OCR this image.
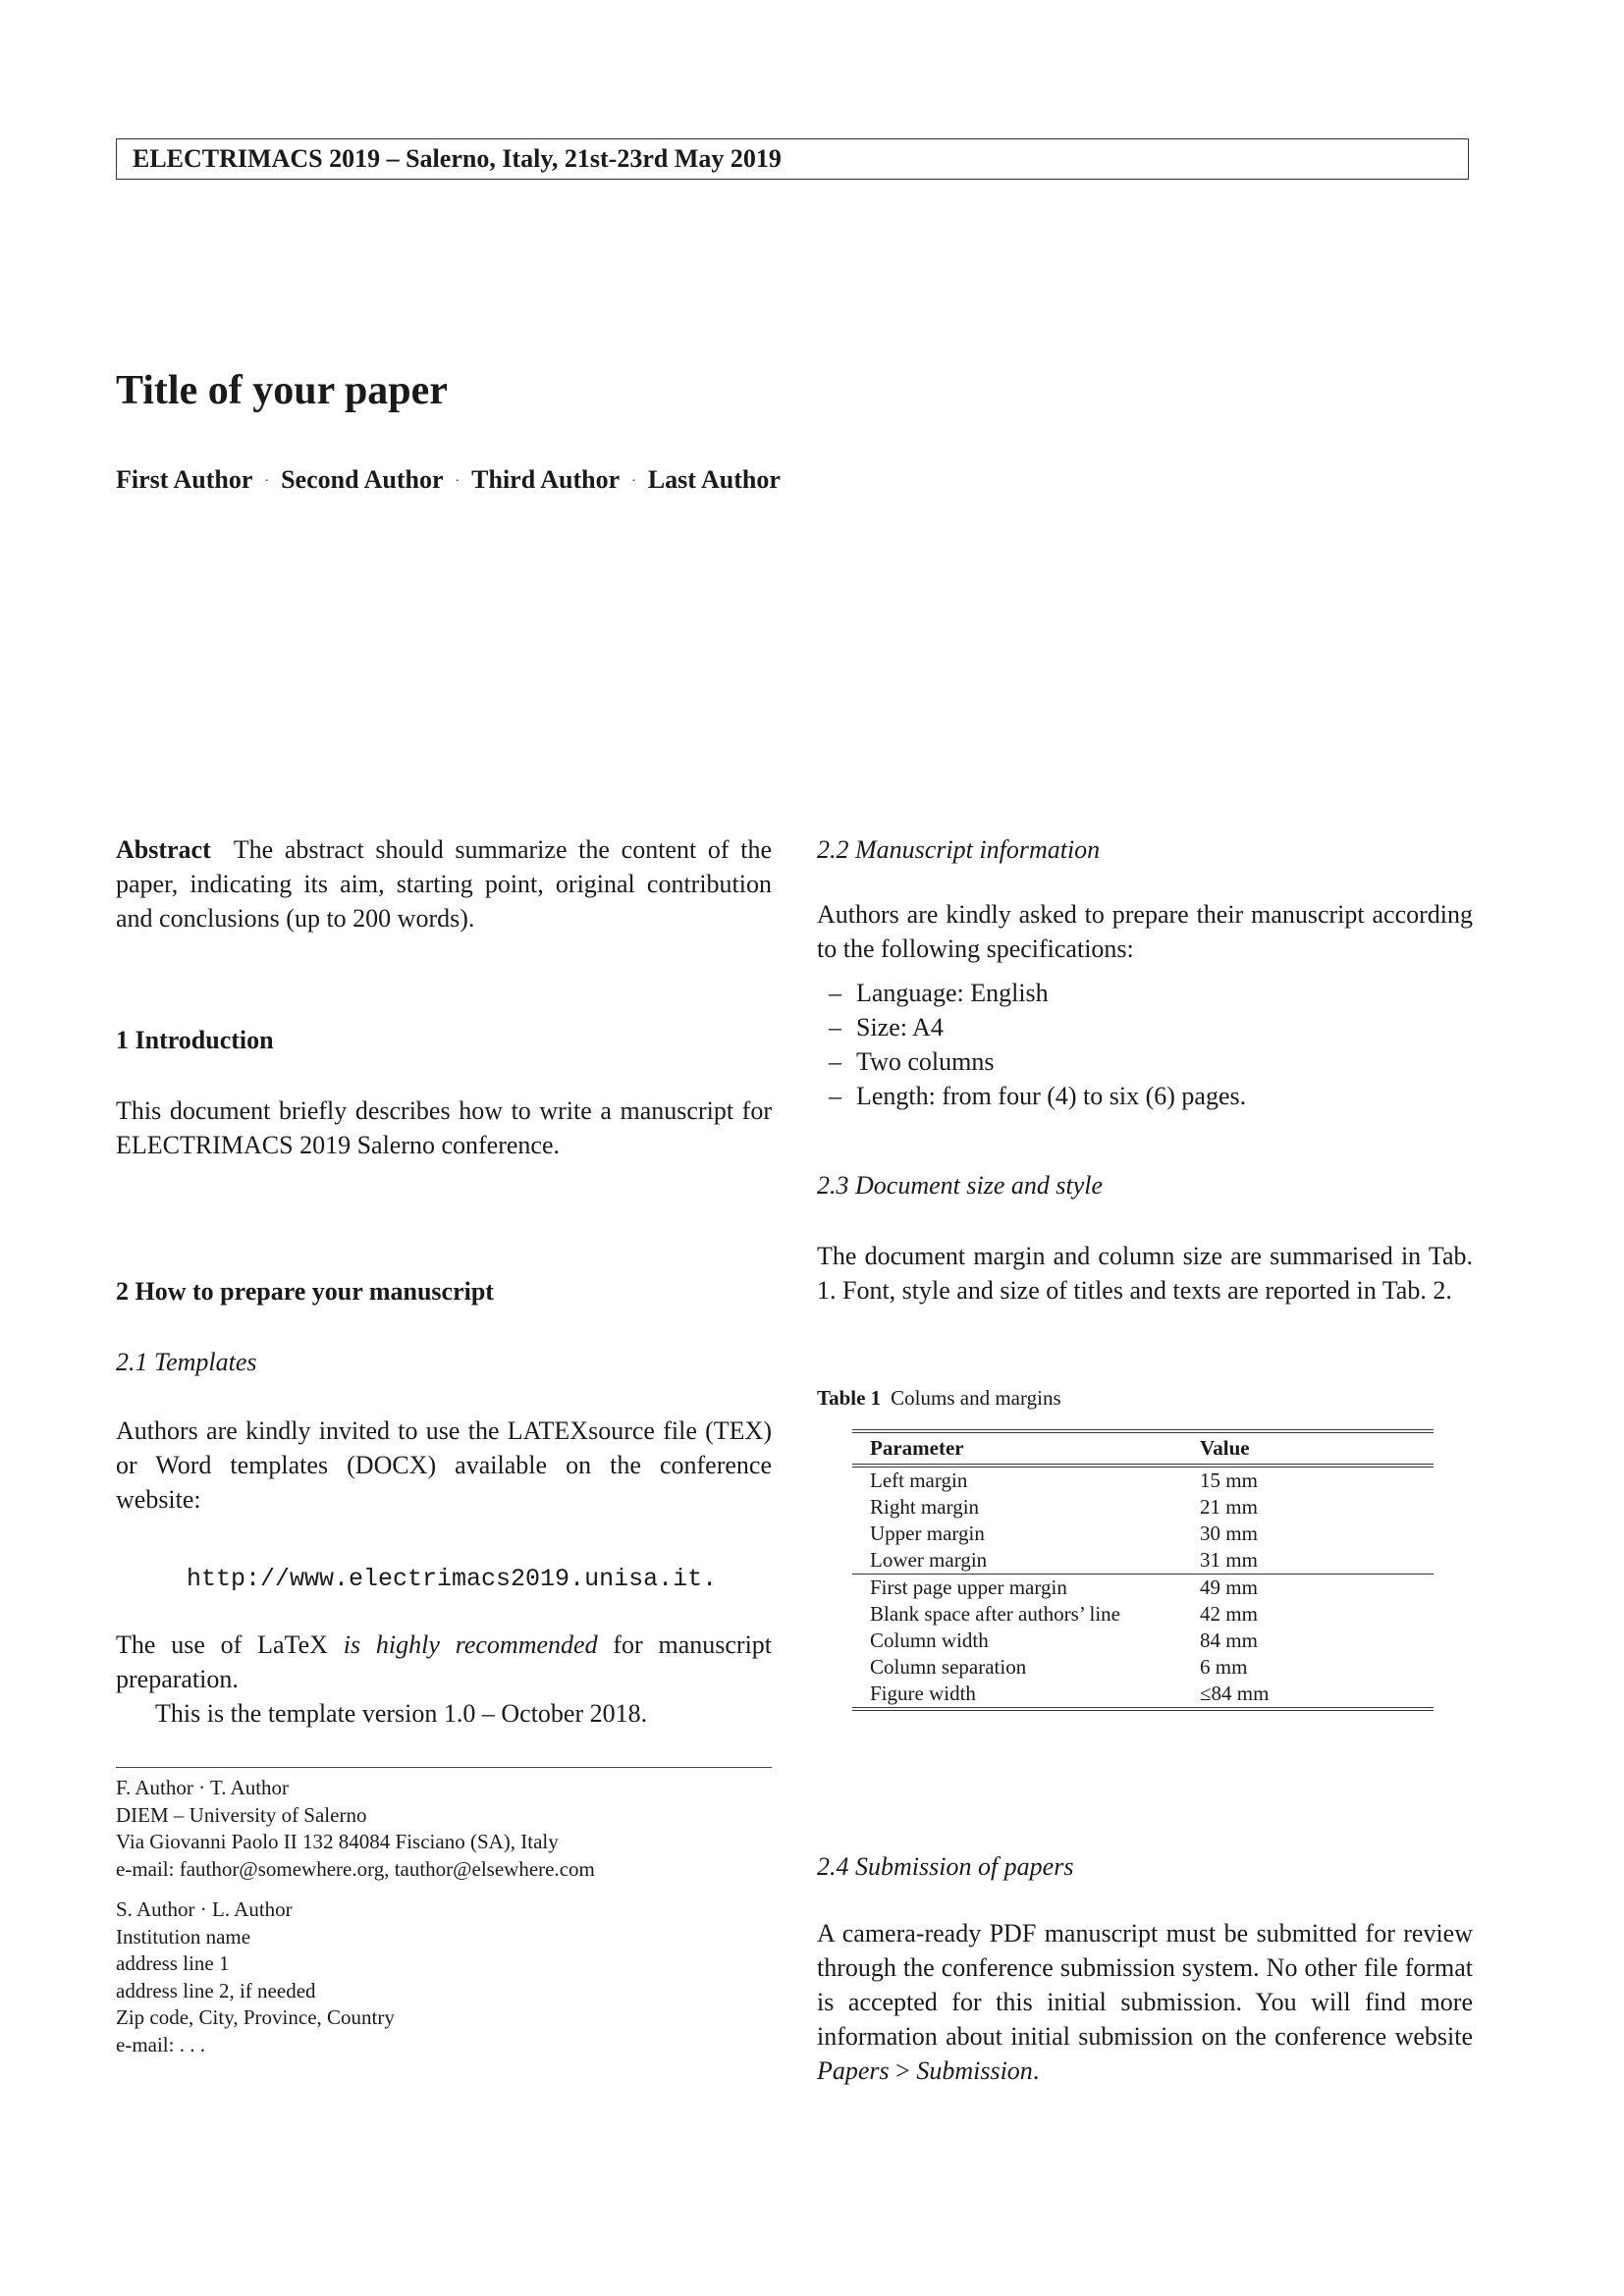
ELECTRIMACS 2019 – Salerno, Italy, 21st-23rd May 2019
Title of your paper
First Author · Second Author · Third Author · Last Author

Abstract The abstract should summarize the content of the paper, indicating its aim, starting point, original contribution and conclusions (up to 200 words).

1 Introduction

This document briefly describes how to write a manuscript for ELECTRIMACS 2019 Salerno conference.

2 How to prepare your manuscript
2.1 Templates

Authors are kindly invited to use the LATEXsource file (TEX) or Word templates (DOCX) available on the conference website:

http://www.electrimacs2019.unisa.it.

The use of LaTeX is highly recommended for manuscript preparation.

This is the template version 1.0 – October 2018.

F. Author · T. Author
DIEM – University of Salerno
Via Giovanni Paolo II 132 84084 Fisciano (SA), Italy
e-mail: fauthor@somewhere.org, tauthor@elsewhere.com
S. Author · L. Author
Institution name
address line 1
address line 2, if needed
Zip code, City, Province, Country
e-mail: . . .
2.2 Manuscript information

Authors are kindly asked to prepare their manuscript according to the following specifications:

– Language: English
– Size: A4
– Two columns
– Length: from four (4) to six (6) pages.
2.3 Document size and style

The document margin and column size are summarised in Tab. 1. Font, style and size of titles and texts are reported in Tab. 2.

Table 1 Colums and margins
Parameter	Value
Left margin	15 mm
Right margin	21 mm
Upper margin	30 mm
Lower margin	31 mm
First page upper margin	49 mm
Blank space after authors’ line	42 mm
Column width	84 mm
Column separation	6 mm
Figure width	≤84 mm
2.4 Submission of papers

A camera-ready PDF manuscript must be submitted for review through the conference submission system. No other file format is accepted for this initial submission. You will find more information about initial submission on the conference website Papers > Submission.
